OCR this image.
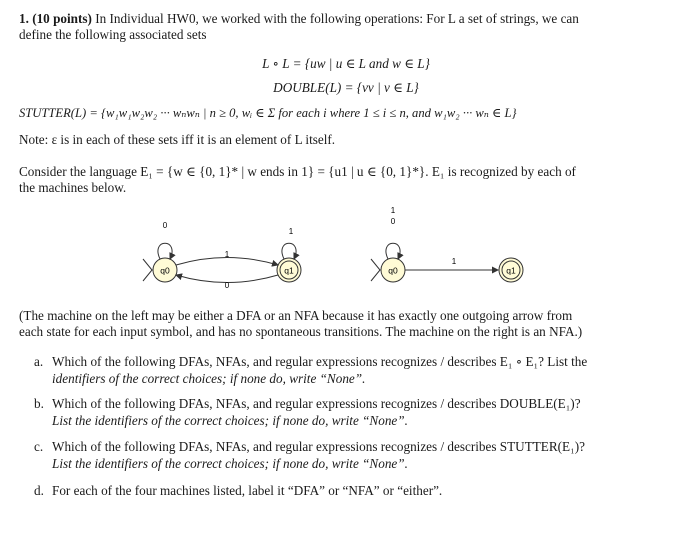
1. (10 points) In Individual HW0, we worked with the following operations: For L a set of strings, we can
define the following associated sets
L ∘ L = {uw | u ∈ L and w ∈ L}
DOUBLE(L) = {vv | v ∈ L}
STUTTER(L) = {w₁w₁w₂w₂ ··· wₙwₙ | n ≥ 0, wᵢ ∈ Σ for each i where 1 ≤ i ≤ n, and w₁w₂ ··· wₙ ∈ L}
Note: ε is in each of these sets iff it is an element of L itself.
Consider the language E₁ = {w ∈ {0, 1}* | w ends in 1} = {u1 | u ∈ {0, 1}*}. E₁ is recognized by each of
the machines below.
q0
0
q1
1
1
0
q0
1
0
1
q1
(The machine on the left may be either a DFA or an NFA because it has exactly one outgoing arrow from
each state for each input symbol, and has no spontaneous transitions. The machine on the right is an NFA.)
a. Which of the following DFAs, NFAs, and regular expressions recognizes / describes E₁ ∘ E₁? List the
identifiers of the correct choices; if none do, write “None”.
b. Which of the following DFAs, NFAs, and regular expressions recognizes / describes DOUBLE(E₁)?
List the identifiers of the correct choices; if none do, write “None”.
c. Which of the following DFAs, NFAs, and regular expressions recognizes / describes STUTTER(E₁)?
List the identifiers of the correct choices; if none do, write “None”.
d. For each of the four machines listed, label it “DFA” or “NFA” or “either”.
